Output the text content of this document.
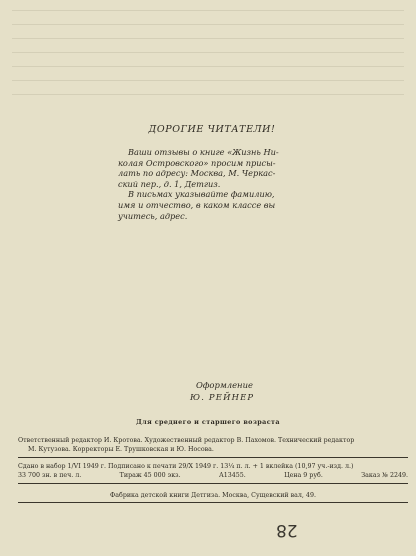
ДОРОГИЕ ЧИТАТЕЛИ!

Ваши отзывы о книге «Жизнь Ни-
колая Островского» просим присы-
лать по адресу: Москва, М. Черкас-
ский пер., д. 1, Детгиз.

В письмах указывайте фамилию,
имя и отчество, в каком классе вы
учитесь, адрес.

Оформление
Ю. РЕЙНЕР
Для среднего и старшего возраста

Ответственный редактор И. Кротова. Художественный редактор В. Пахомов. Технический редактор
М. Кутузова. Корректоры Е. Трушковская и Ю. Носова.

Сдано в набор 1/VI 1949 г. Подписано к печати 29/X 1949 г. 13¼ п. л. + 1 вклейка (10,97 уч.-изд. л.)
33 700 зн. в печ. л.	Тираж 45 000 экз.	А13455.	Цена 9 руб.	Заказ № 2249.
Фабрика детской книги Детгиза. Москва, Сущевский вал, 49.
28
